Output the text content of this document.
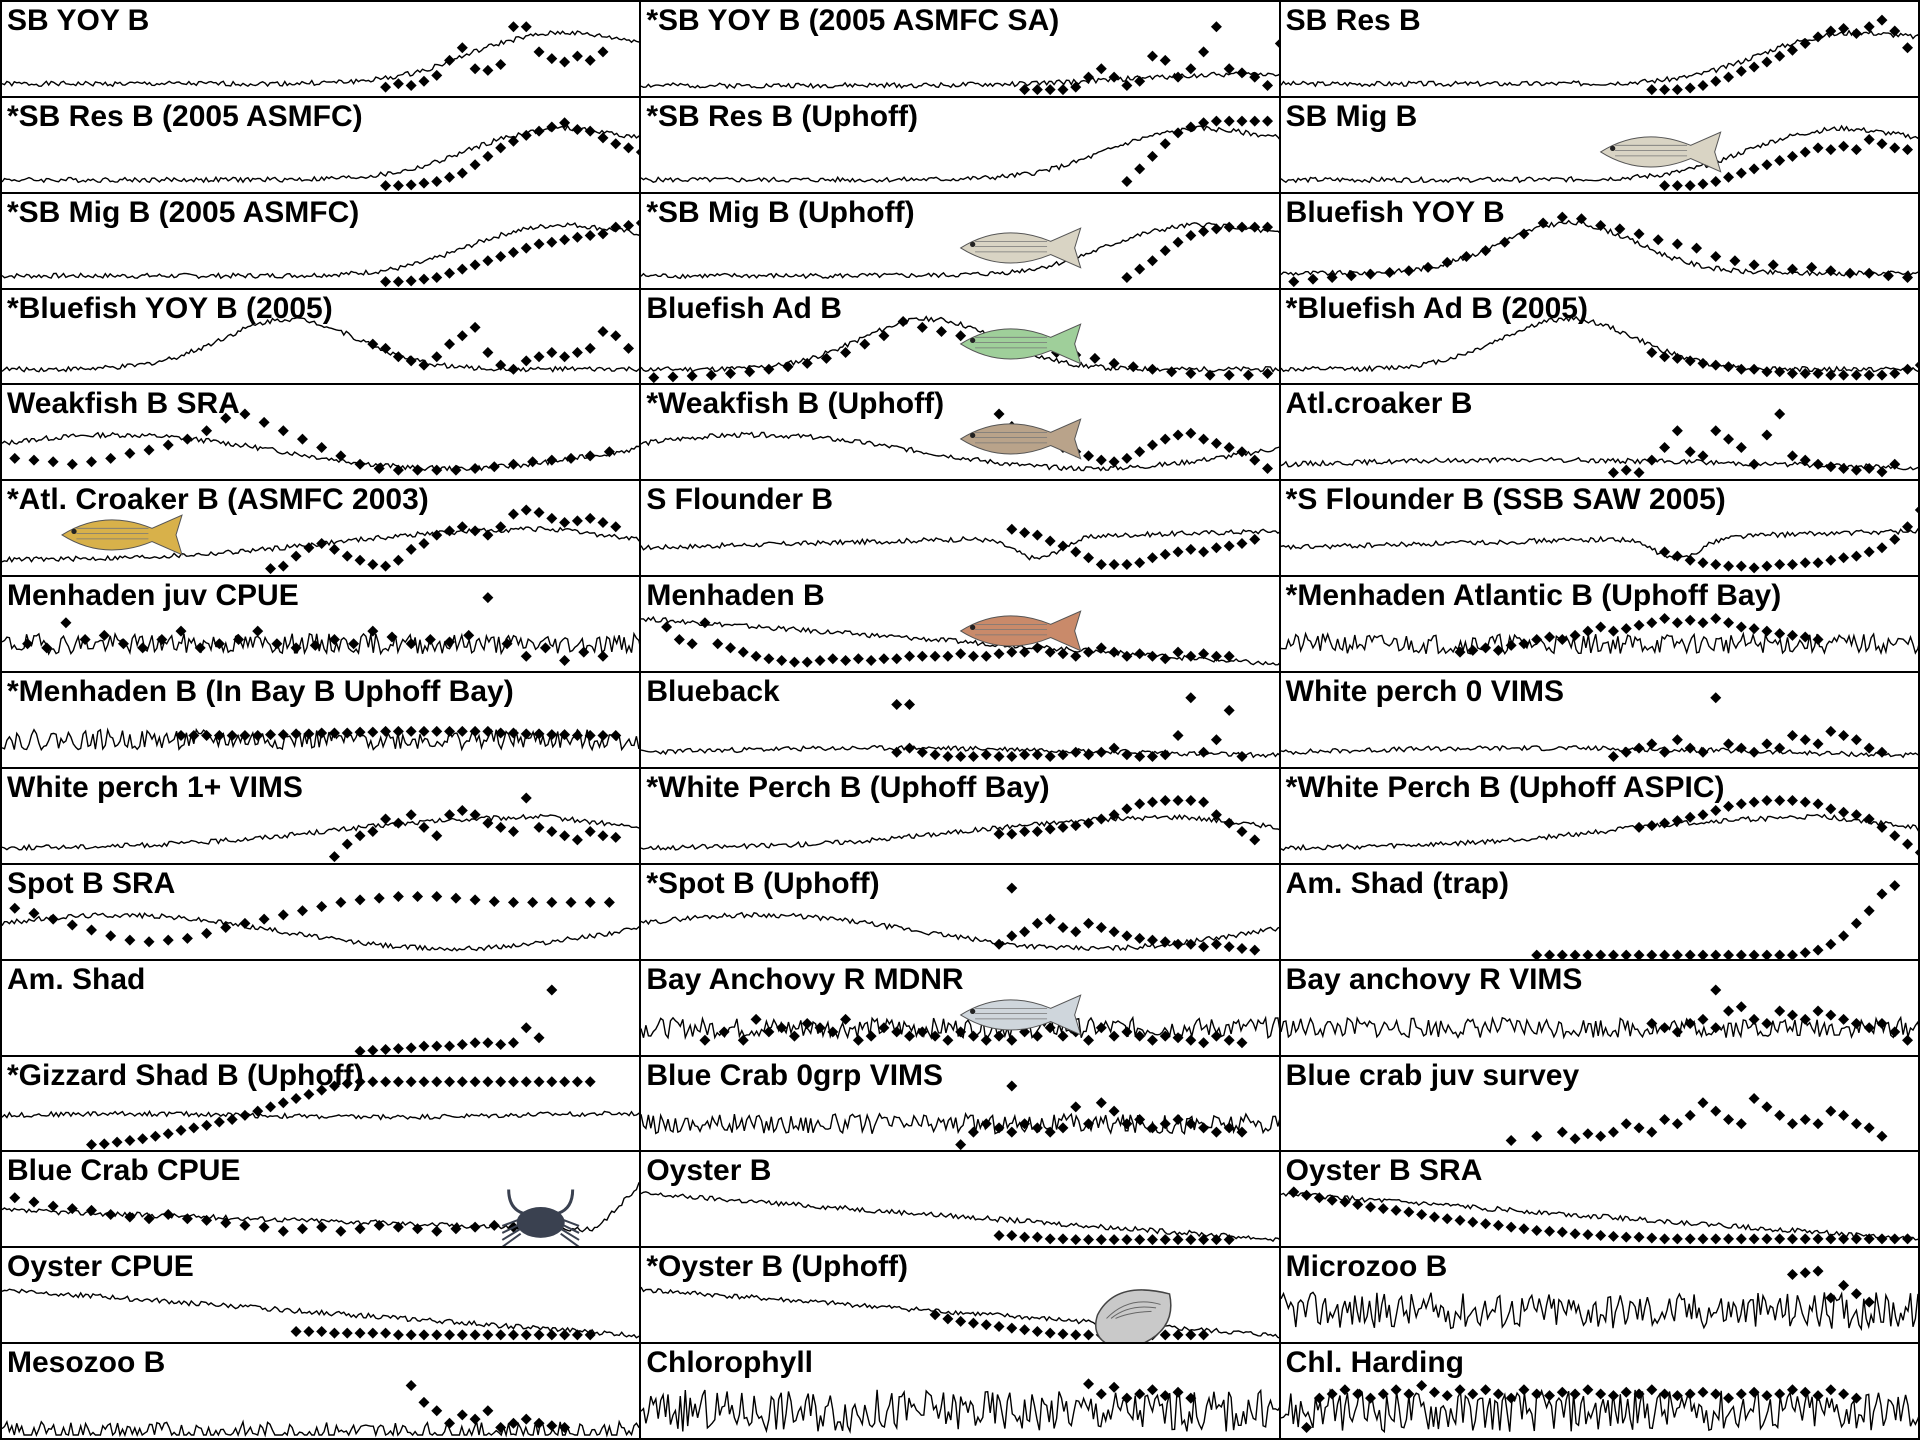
SB YOY B	*SB YOY B (2005 ASMFC SA)	SB Res B
*SB Res B (2005 ASMFC)	*SB Res B (Uphoff)	SB Mig B
*SB Mig B (2005 ASMFC)	*SB Mig B (Uphoff)	Bluefish YOY B
*Bluefish YOY B (2005)	Bluefish Ad B	*Bluefish Ad B (2005)
Weakfish B SRA	*Weakfish B (Uphoff)	Atl.croaker B
*Atl. Croaker B (ASMFC 2003)	S Flounder B	*S Flounder B (SSB SAW 2005)
Menhaden juv CPUE	Menhaden B	*Menhaden Atlantic B (Uphoff Bay)
*Menhaden B (In Bay B Uphoff Bay)	Blueback	White perch 0 VIMS
White perch 1+ VIMS	*White Perch B (Uphoff Bay)	*White Perch B (Uphoff ASPIC)
Spot B SRA	*Spot B (Uphoff)	Am. Shad (trap)
Am. Shad	Bay Anchovy R MDNR	Bay anchovy R VIMS
*Gizzard Shad B (Uphoff)	Blue Crab 0grp VIMS	Blue crab juv survey
Blue Crab CPUE	Oyster B	Oyster B SRA
Oyster CPUE	*Oyster B (Uphoff)	Microzoo B
Mesozoo B	Chlorophyll	Chl. Harding
